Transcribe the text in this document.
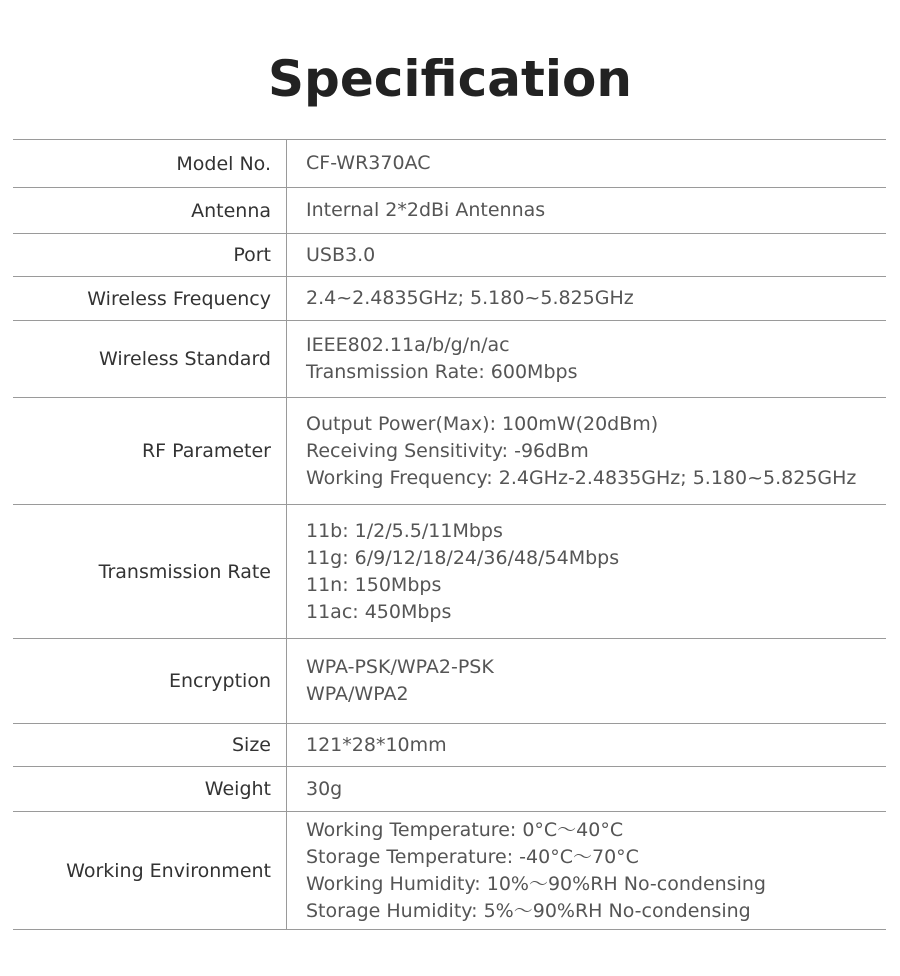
Specification
Model No.	CF-WR370AC

Antenna	Internal 2*2dBi Antennas

Port	USB3.0

Wireless Frequency	2.4~2.4835GHz; 5.180~5.825GHz

Wireless Standard	IEEE802.11a/b/g/n/ac
Transmission Rate: 600Mbps

RF Parameter	Output Power(Max): 100mW(20dBm)
Receiving Sensitivity: -96dBm
Working Frequency: 2.4GHz-2.4835GHz; 5.180~5.825GHz

Transmission Rate	11b: 1/2/5.5/11Mbps
11g: 6/9/12/18/24/36/48/54Mbps
11n: 150Mbps
11ac: 450Mbps

Encryption	WPA-PSK/WPA2-PSK
WPA/WPA2

Size	121*28*10mm

Weight	30g

Working Environment	Working Temperature: 0°C～40°C
Storage Temperature: -40°C～70°C
Working Humidity: 10%～90%RH No-condensing
Storage Humidity: 5%～90%RH No-condensing
